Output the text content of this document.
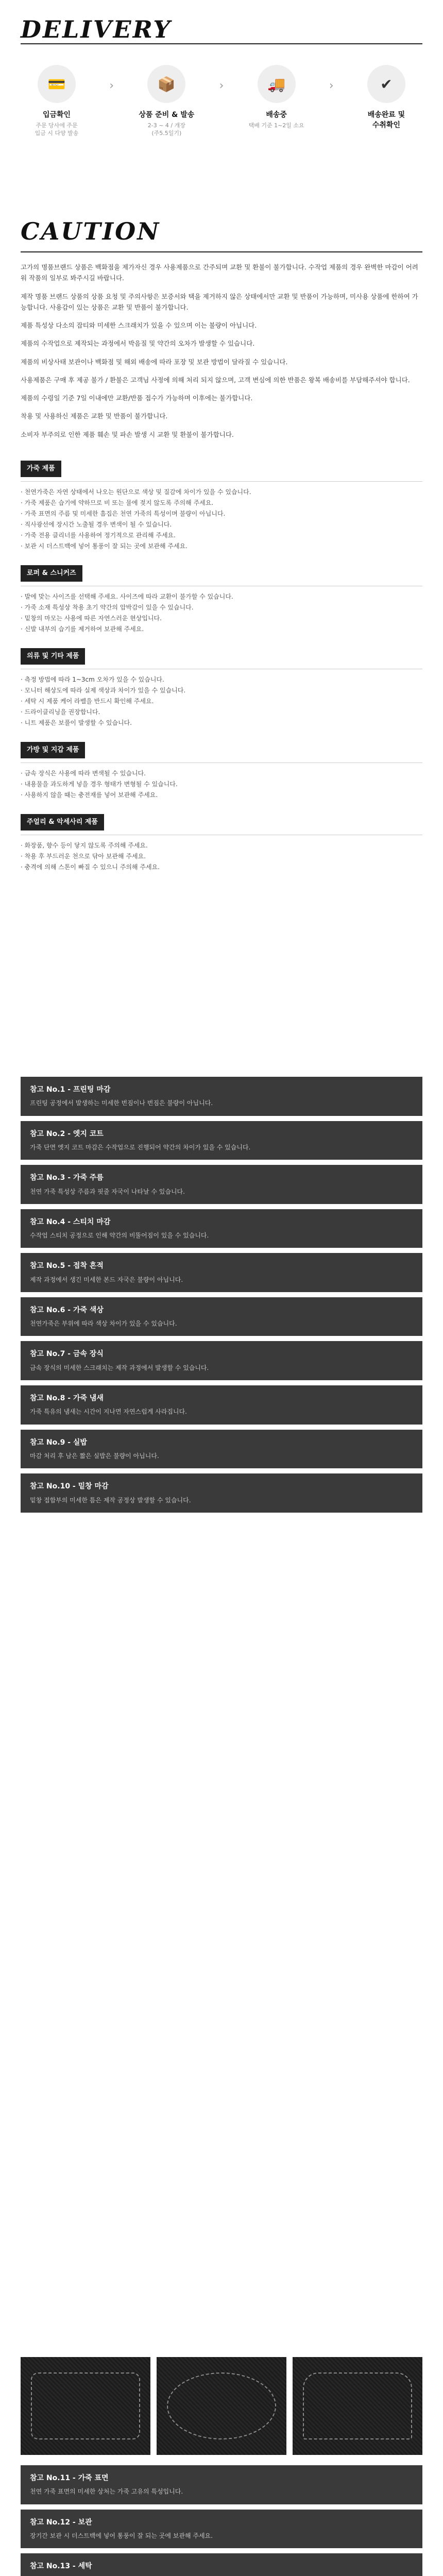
DELIVERY
💳
입금확인
주문 당사에 주문
입금 시 다양 발송
›	📦
상품 준비 & 발송
2-3 ~ 4 / 개장
(주5.5일기)
›	🚚
배송중
택배 기준 1~2일 소요
›	✔
배송완료 및
수취확인
CAUTION

고가의 명품브랜드 상품은 백화점을 제가자신 경우 사용제품으로 간주되며 교환 및 환불이 불가합니다. 수작업 제품의 경우 완벽한 마감이 어려워 작품의 일부로 봐주시길 바랍니다.

제작 명품 브랜드 상품의 상품 요청 및 주의사항은 보증서와 택을 제거하지 않은 상태에서만 교환 및 반품이 가능하며, 미사용 상품에 한하여 가능합니다. 사용감이 있는 상품은 교환 및 반품이 불가합니다.

제품 특성상 다소의 잡티와 미세한 스크래치가 있을 수 있으며 이는 불량이 아닙니다.

제품의 수작업으로 제작되는 과정에서 박음질 및 약간의 오차가 발생할 수 있습니다.

제품의 비상사태 보관이나 백화점 및 해외 배송에 따라 포장 및 보관 방법이 달라질 수 있습니다.

사용제품은 구매 후 제공 불가 / 환불은 고객님 사정에 의해 처리 되지 않으며, 고객 변심에 의한 반품은 왕복 배송비를 부담해주셔야 합니다.

제품의 수령일 기준 7일 이내에만 교환/반품 접수가 가능하며 이후에는 불가합니다.

착용 및 사용하신 제품은 교환 및 반품이 불가합니다.

소비자 부주의로 인한 제품 훼손 및 파손 발생 시 교환 및 환불이 불가합니다.

가죽 제품
· 천연가죽은 자연 상태에서 나오는 원단으로 색상 및 질감에 차이가 있을 수 있습니다.
· 가죽 제품은 습기에 약하므로 비 또는 물에 젖지 않도록 주의해 주세요.
· 가죽 표면의 주름 및 미세한 흠집은 천연 가죽의 특성이며 불량이 아닙니다.
· 직사광선에 장시간 노출될 경우 변색이 될 수 있습니다.
· 가죽 전용 클리너를 사용하여 정기적으로 관리해 주세요.
· 보관 시 더스트백에 넣어 통풍이 잘 되는 곳에 보관해 주세요.
로퍼 & 스니커즈
· 발에 맞는 사이즈를 선택해 주세요. 사이즈에 따라 교환이 불가할 수 있습니다.
· 가죽 소재 특성상 착용 초기 약간의 압박감이 있을 수 있습니다.
· 밑창의 마모는 사용에 따른 자연스러운 현상입니다.
· 신발 내부의 습기를 제거하여 보관해 주세요.
의류 및 기타 제품
· 측정 방법에 따라 1~3cm 오차가 있을 수 있습니다.
· 모니터 해상도에 따라 실제 색상과 차이가 있을 수 있습니다.
· 세탁 시 제품 케어 라벨을 반드시 확인해 주세요.
· 드라이클리닝을 권장합니다.
· 니트 제품은 보풀이 발생할 수 있습니다.
가방 및 지갑 제품
· 금속 장식은 사용에 따라 변색될 수 있습니다.
· 내용물을 과도하게 넣을 경우 형태가 변형될 수 있습니다.
· 사용하지 않을 때는 충전재를 넣어 보관해 주세요.
주얼리 & 악세사리 제품
· 화장품, 향수 등이 닿지 않도록 주의해 주세요.
· 착용 후 부드러운 천으로 닦아 보관해 주세요.
· 충격에 의해 스톤이 빠질 수 있으니 주의해 주세요.
참고 No.1 - 프린팅 마감
프린팅 공정에서 발생하는 미세한 번짐이나 번짐은 불량이 아닙니다.
참고 No.2 - 엣지 코트
가죽 단면 엣지 코트 마감은 수작업으로 진행되어 약간의 차이가 있을 수 있습니다.
참고 No.3 - 가죽 주름
천연 가죽 특성상 주름과 핏줄 자국이 나타날 수 있습니다.
참고 No.4 - 스티치 마감
수작업 스티치 공정으로 인해 약간의 비뚤어짐이 있을 수 있습니다.
참고 No.5 - 접착 흔적
제작 과정에서 생긴 미세한 본드 자국은 불량이 아닙니다.
참고 No.6 - 가죽 색상
천연가죽은 부위에 따라 색상 차이가 있을 수 있습니다.
참고 No.7 - 금속 장식
금속 장식의 미세한 스크래치는 제작 과정에서 발생할 수 있습니다.
참고 No.8 - 가죽 냄새
가죽 특유의 냄새는 시간이 지나면 자연스럽게 사라집니다.
참고 No.9 - 실밥
마감 처리 후 남은 짧은 실밥은 불량이 아닙니다.
참고 No.10 - 밑창 마감
밑창 접합부의 미세한 틈은 제작 공정상 발생할 수 있습니다.
참고 No.11 - 가죽 표면
천연 가죽 표면의 미세한 상처는 가죽 고유의 특성입니다.
참고 No.12 - 보관
장기간 보관 시 더스트백에 넣어 통풍이 잘 되는 곳에 보관해 주세요.
참고 No.13 - 세탁
